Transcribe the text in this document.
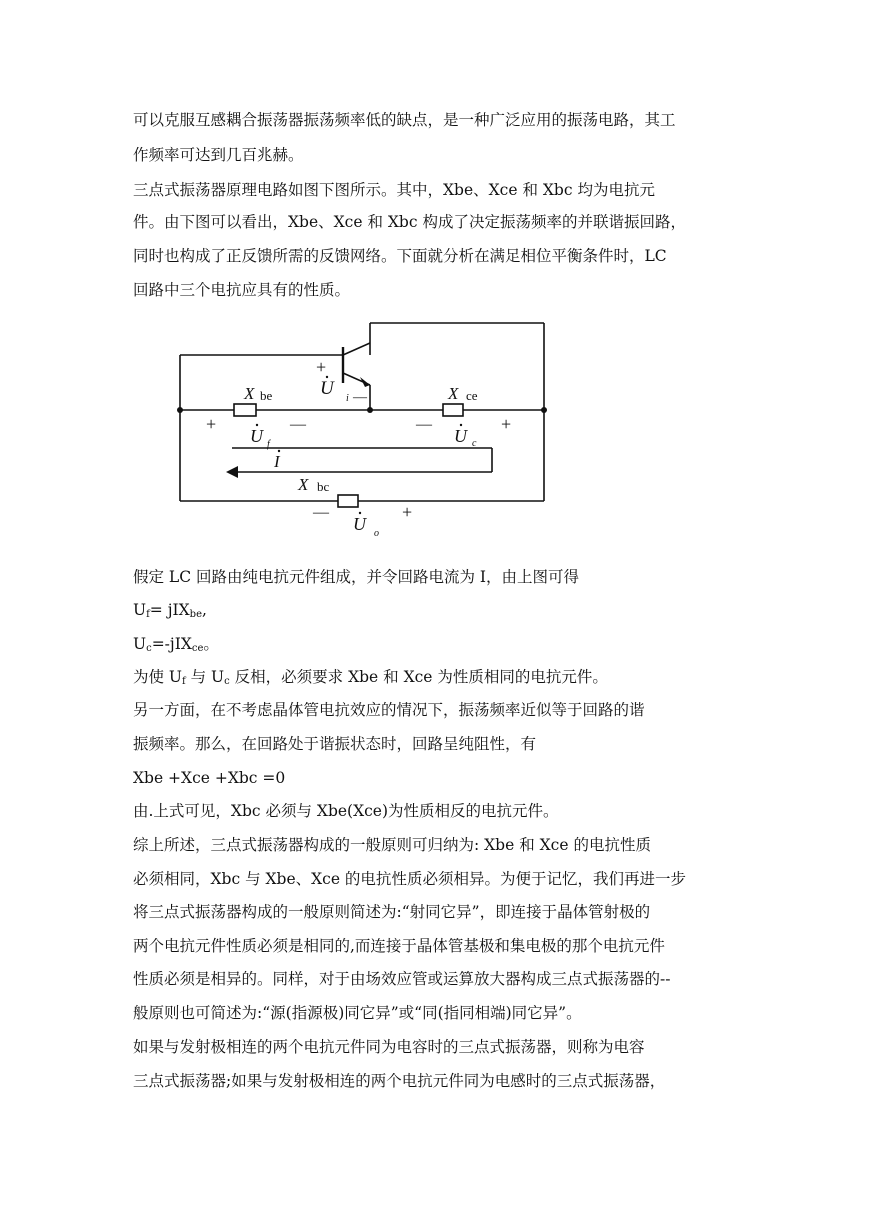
可以克服互感耦合振荡器振荡频率低的缺点，是一种广泛应用的振荡电路，其工

作频率可达到几百兆赫。

三点式振荡器原理电路如图下图所示。其中，Xbe、Xce 和 Xbc 均为电抗元

件。由下图可以看出，Xbe、Xce 和 Xbc 构成了决定振荡频率的并联谐振回路，

同时也构成了正反馈所需的反馈网络。下面就分析在满足相位平衡条件时，LC

回路中三个电抗应具有的性质。

+
U i —
X be	X ce
X bc
+
U f
—	—
U c
+
I
—
U o
+

假定 LC 回路由纯电抗元件组成，并令回路电流为 I，由上图可得

$U_f= jIX_{be}$,

$U_c=-jIX_{ce}$。

为使 $U_f$ 与 $U_c$ 反相，必须要求 Xbe 和 Xce 为性质相同的电抗元件。

另一方面，在不考虑晶体管电抗效应的情况下，振荡频率近似等于回路的谐

振频率。那么，在回路处于谐振状态时，回路呈纯阻性，有

Xbe +Xce +Xbc =0

由.上式可见，Xbc 必须与 Xbe(Xce)为性质相反的电抗元件。

综上所述，三点式振荡器构成的一般原则可归纳为: Xbe 和 Xce 的电抗性质

必须相同，Xbc 与 Xbe、Xce 的电抗性质必须相异。为便于记忆，我们再进一步

将三点式振荡器构成的一般原则简述为:“射同它异”，即连接于晶体管射极的

两个电抗元件性质必须是相同的,而连接于晶体管基极和集电极的那个电抗元件

性质必须是相异的。同样，对于由场效应管或运算放大器构成三点式振荡器的--

般原则也可简述为:“源(指源极)同它异”或“同(指同相端)同它异”。

如果与发射极相连的两个电抗元件同为电容时的三点式振荡器，则称为电容

三点式振荡器;如果与发射极相连的两个电抗元件同为电感时的三点式振荡器，
